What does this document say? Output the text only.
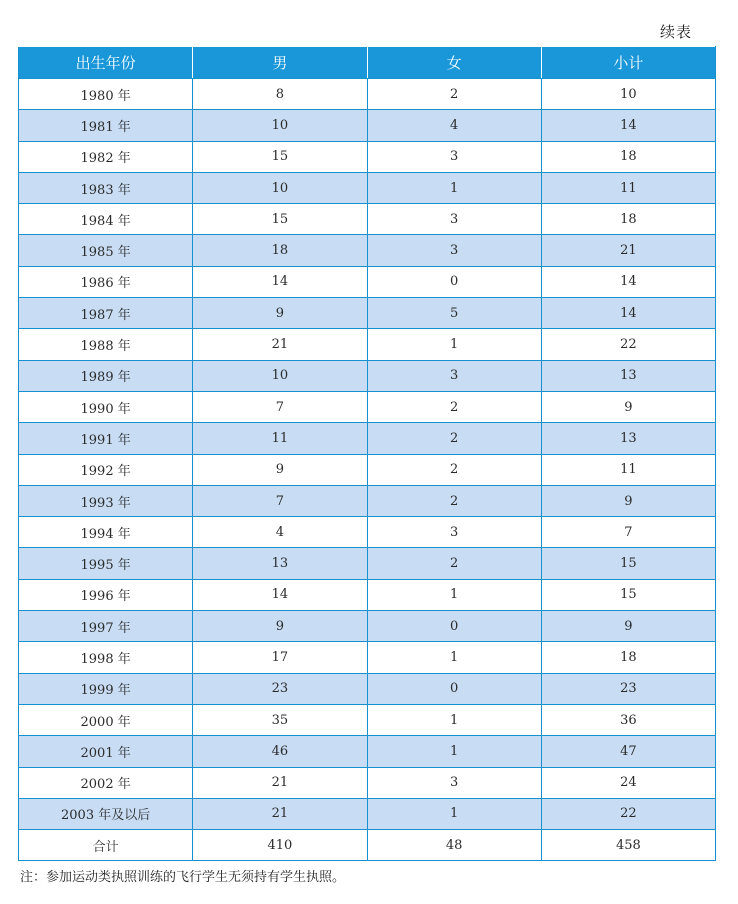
续表
出生年份	男	女	小计
1980 年	8	2	10
1981 年	10	4	14
1982 年	15	3	18
1983 年	10	1	11
1984 年	15	3	18
1985 年	18	3	21
1986 年	14	0	14
1987 年	9	5	14
1988 年	21	1	22
1989 年	10	3	13
1990 年	7	2	9
1991 年	11	2	13
1992 年	9	2	11
1993 年	7	2	9
1994 年	4	3	7
1995 年	13	2	15
1996 年	14	1	15
1997 年	9	0	9
1998 年	17	1	18
1999 年	23	0	23
2000 年	35	1	36
2001 年	46	1	47
2002 年	21	3	24
2003 年及以后	21	1	22
合计	410	48	458
注：参加运动类执照训练的飞行学生无须持有学生执照。
